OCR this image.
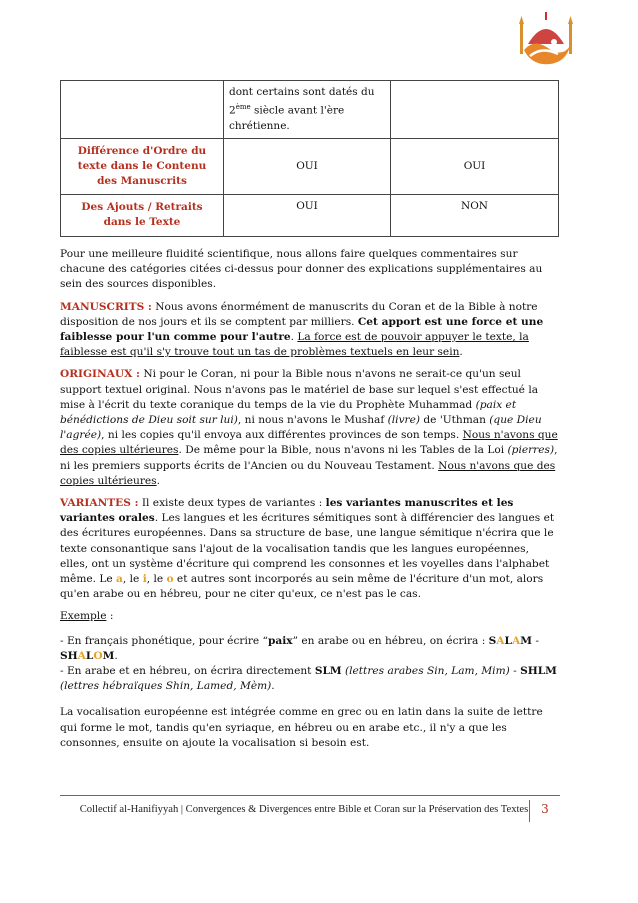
	dont certains sont datés du
2ème siècle avant l'ère
chrétienne.	
Différence d'Ordre du texte dans le Contenu des Manuscrits	OUI	OUI
Des Ajouts / Retraits dans le Texte	OUI	NON

Pour une meilleure fluidité scientifique, nous allons faire quelques commentaires sur chacune des catégories citées ci-dessus pour donner des explications supplémentaires au sein des sources disponibles.

MANUSCRITS : Nous avons énormément de manuscrits du Coran et de la Bible à notre disposition de nos jours et ils se comptent par milliers. Cet apport est une force et une faiblesse pour l'un comme pour l'autre. La force est de pouvoir appuyer le texte, la faiblesse est qu'il s'y trouve tout un tas de problèmes textuels en leur sein.

ORIGINAUX : Ni pour le Coran, ni pour la Bible nous n'avons ne serait-ce qu'un seul support textuel original. Nous n'avons pas le matériel de base sur lequel s'est effectué la mise à l'écrit du texte coranique du temps de la vie du Prophète Muhammad (paix et bénédictions de Dieu soit sur lui), ni nous n'avons le Mushaf (livre) de 'Uthman (que Dieu l'agrée), ni les copies qu'il envoya aux différentes provinces de son temps. Nous n'avons que des copies ultérieures. De même pour la Bible, nous n'avons ni les Tables de la Loi (pierres), ni les premiers supports écrits de l'Ancien ou du Nouveau Testament. Nous n'avons que des copies ultérieures.

VARIANTES : Il existe deux types de variantes : les variantes manuscrites et les variantes orales. Les langues et les écritures sémitiques sont à différencier des langues et des écritures européennes. Dans sa structure de base, une langue sémitique n'écrira que le texte consonantique sans l'ajout de la vocalisation tandis que les langues européennes, elles, ont un système d'écriture qui comprend les consonnes et les voyelles dans l'alphabet même. Le a, le i, le o et autres sont incorporés au sein même de l'écriture d'un mot, alors qu'en arabe ou en hébreu, pour ne citer qu'eux, ce n'est pas le cas.

Exemple :

- En français phonétique, pour écrire “paix” en arabe ou en hébreu, on écrira : SALAM - SHALOM.
- En arabe et en hébreu, on écrira directement SLM (lettres arabes Sin, Lam, Mim) - SHLM
(lettres hébraïques Shin, Lamed, Mèm).

La vocalisation européenne est intégrée comme en grec ou en latin dans la suite de lettre qui forme le mot, tandis qu'en syriaque, en hébreu ou en arabe etc., il n'y a que les consonnes, ensuite on ajoute la vocalisation si besoin est.

Collectif al-Hanifiyyah | Convergences & Divergences entre Bible et Coran sur la Préservation des Textes	3
